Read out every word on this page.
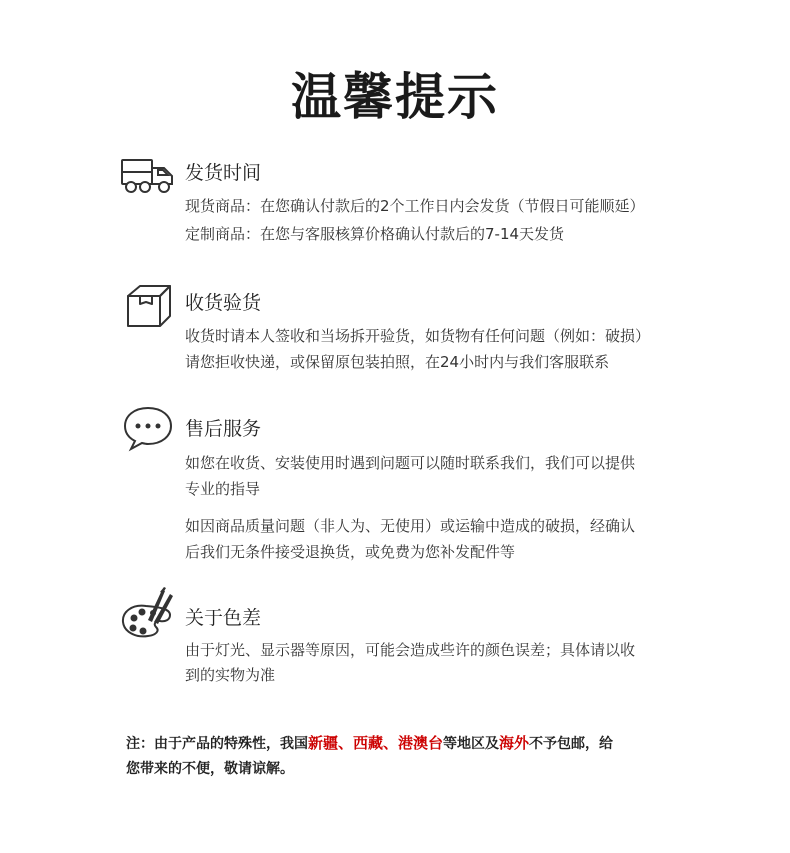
温馨提示
发货时间
现货商品：在您确认付款后的2个工作日内会发货（节假日可能顺延）
定制商品：在您与客服核算价格确认付款后的7-14天发货
收货验货
收货时请本人签收和当场拆开验货，如货物有任何问题（例如：破损）
请您拒收快递，或保留原包装拍照，在24小时内与我们客服联系
售后服务
如您在收货、安装使用时遇到问题可以随时联系我们，我们可以提供
专业的指导
如因商品质量问题（非人为、无使用）或运输中造成的破损，经确认
后我们无条件接受退换货，或免费为您补发配件等
关于色差
由于灯光、显示器等原因，可能会造成些许的颜色误差；具体请以收
到的实物为准
注：由于产品的特殊性，我国新疆、西藏、港澳台等地区及海外不予包邮，给
您带来的不便，敬请谅解。
